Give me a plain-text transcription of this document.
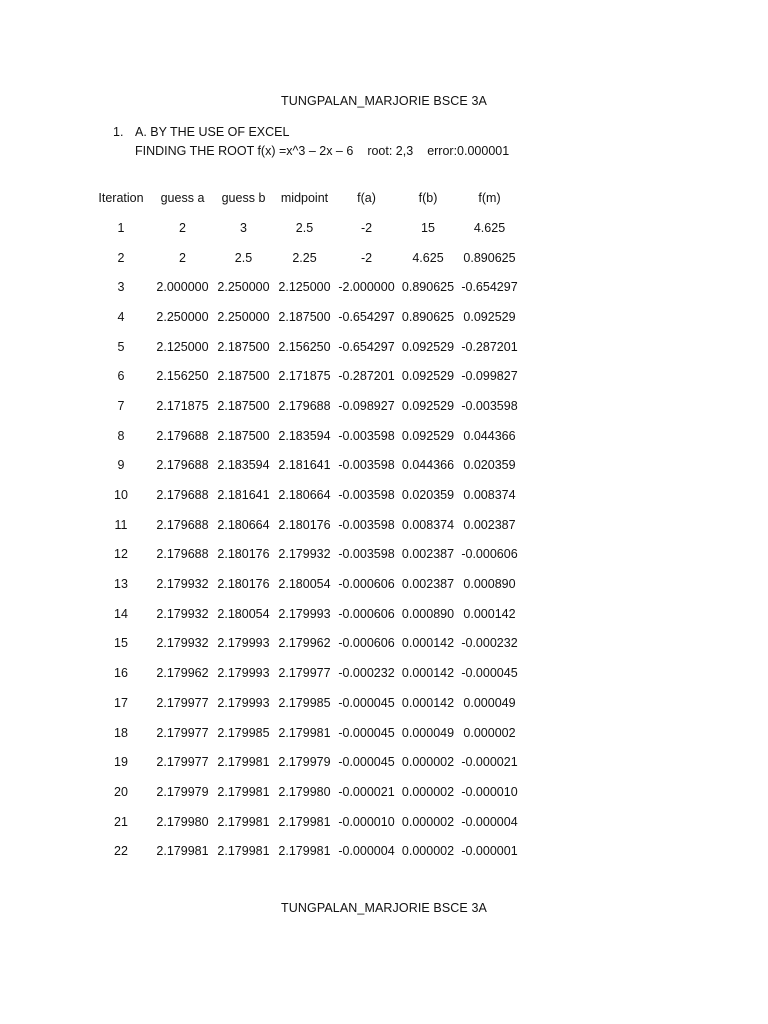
TUNGPALAN_MARJORIE BSCE 3A
1. A. BY THE USE OF EXCEL
FINDING THE ROOT f(x) =x^3 – 2x – 6 root: 2,3 error:0.000001
Iteration	guess a	guess b	midpoint	f(a)	f(b)	f(m)
1	2	3	2.5	-2	15	4.625
2	2	2.5	2.25	-2	4.625	0.890625
3	2.000000	2.250000	2.125000	-2.000000	0.890625	-0.654297
4	2.250000	2.250000	2.187500	-0.654297	0.890625	0.092529
5	2.125000	2.187500	2.156250	-0.654297	0.092529	-0.287201
6	2.156250	2.187500	2.171875	-0.287201	0.092529	-0.099827
7	2.171875	2.187500	2.179688	-0.098927	0.092529	-0.003598
8	2.179688	2.187500	2.183594	-0.003598	0.092529	0.044366
9	2.179688	2.183594	2.181641	-0.003598	0.044366	0.020359
10	2.179688	2.181641	2.180664	-0.003598	0.020359	0.008374
11	2.179688	2.180664	2.180176	-0.003598	0.008374	0.002387
12	2.179688	2.180176	2.179932	-0.003598	0.002387	-0.000606
13	2.179932	2.180176	2.180054	-0.000606	0.002387	0.000890
14	2.179932	2.180054	2.179993	-0.000606	0.000890	0.000142
15	2.179932	2.179993	2.179962	-0.000606	0.000142	-0.000232
16	2.179962	2.179993	2.179977	-0.000232	0.000142	-0.000045
17	2.179977	2.179993	2.179985	-0.000045	0.000142	0.000049
18	2.179977	2.179985	2.179981	-0.000045	0.000049	0.000002
19	2.179977	2.179981	2.179979	-0.000045	0.000002	-0.000021
20	2.179979	2.179981	2.179980	-0.000021	0.000002	-0.000010
21	2.179980	2.179981	2.179981	-0.000010	0.000002	-0.000004
22	2.179981	2.179981	2.179981	-0.000004	0.000002	-0.000001
TUNGPALAN_MARJORIE BSCE 3A
